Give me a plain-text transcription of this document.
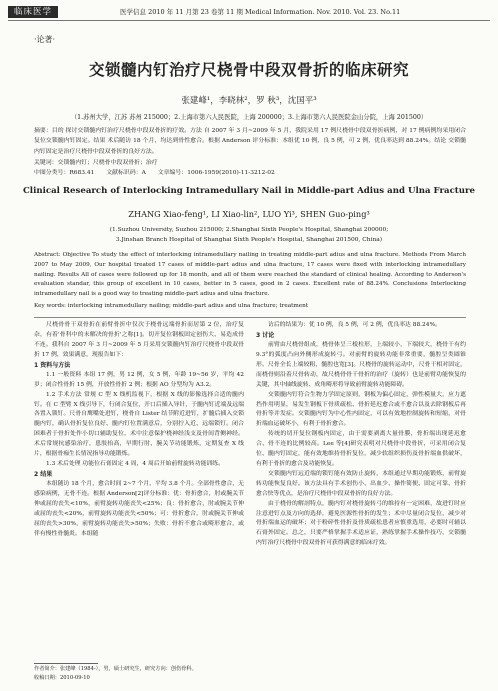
临床医学	医学信息 2010 年 11 月第 23 卷第 11 期 Medical Information. Nov. 2010. Vol. 23. No.11
·论著·
交锁髓内钉治疗尺桡骨中段双骨折的临床研究
张建峰¹，李晓林²，罗 秋³，沈国平³
（1.苏州大学，江苏 苏州 215000；2.上海市第六人民医院，上海 200000；3.上海市第六人民医院金山分院，上海 201500）
摘要：目的 探讨交锁髓内钉治疗尺桡骨中段双骨折的疗效。方法 自 2007 年 3 月~2009 年 5 月，我院采用 17 例尺桡骨中段双骨折病例，对 17 例病例均采用闭合复位交锁髓内钉固定。结果 术后随访 18 个月，均达到骨性愈合。根据 Anderson 评分标准：本组优 10 例，良 5 例，可 2 例，优良率达到 88.24%。结论 交锁髓内钉固定是治疗尺桡骨中段双骨折的良好方法。
关键词：交锁髓内钉；尺桡骨中段双骨折；治疗
中图分类号：R683.41 文献标识码：A 文章编号：1006-1959(2010)-11-3212-02
Clinical Research of Interlocking Intramedullary Nail in Middle-part Adius and Ulna Fracture
ZHANG Xiao-feng¹, LI Xiao-lin², LUO Yi³, SHEN Guo-ping³
(1.Suzhou University, Suzhou 215000; 2.Shanghai Sixth People's Hospital, Shanghai 200000;
3.Jinshan Branch Hospital of Shanghai Sixth People's Hospital, Shanghai 201500, China)
Abstract: Objective To study the effect of interlocking intramedullary nailing in treating middle-part adius and ulna fracture. Methods From March 2007 to May 2009, Our hospital treated 17 cases of middle-part adius and ulna fracture, 17 cases were fixed with interlocking intramedullary nailing. Results All of cases were followed up for 18 month, and all of them were reached the standard of clinical healing. According to Anderson's evaluation standar, this group of excellent in 10 cases, better in 5 cases, good in 2 cases. Excellent rate of 88.24%. Conclusions Interlocking intramedullary nail is a good way to treating middle-part adius and ulna fracture.
Key words: interlocking intramedullary nailing; middle-part adius and ulna fracture; treatment

尺桡骨骨干双骨折在前臂骨折中仅次于桡骨远端骨折而居第 2 位，治疗复杂，有着'骨科中的未解决的骨折'之称[1]。切开复位钢板固定创伤大、易造成骨不连。我科自 2007 年 3 月~2009 年 5 月采用交锁髓内钉治疗尺桡骨中段双骨折 17 例，效果满意，现报告如下：

1 资料与方法

1.1 一般资料 本组 17 例，男 12 例，女 5 例，年龄 19~56 岁，平均 42 岁；闭合性骨折 15 例，开放性骨折 2 例；根据 AO 分型均为 A3.2。

1.2 手术方法 常规 C 型 X 线机监视下，根据 X 线的影像选择合适的髓内钉。在 C 型臂 X 线引导下，行闭合复位，开口后插入导针，于髓内钉近端及远端各置入锁钉。尺骨自鹰嘴处进钉，桡骨自 Lister 结节附近进钉，扩髓后插入交锁髓内钉，确认骨折复位良好、髓内钉位置满意后，分别拧入近、远端锁钉。闭合困难者于骨折处作小切口辅助复位，术中注意保护桡神经浅支及骨间背侧神经。术后常规抗感染治疗，患肢抬高，早期行肘、腕关节功能锻炼，定期复查 X 线片，根据骨痂生长情况指导功能锻炼。

1.3 术后处理 功能位石膏固定 4 周，4 周后开始前臂旋转功能训练。

2 结果

本组随访 18 个月，愈合时间 2~7 个月，平均 3.8 个月。全部骨性愈合，无感染病例，无骨不连。根据 Anderson[2]评分标准：优：骨折愈合，肘或腕关节伸或屈的丧失<10%，前臂旋转功能丧失<25%；良：骨折愈合，肘或腕关节伸或屈的丧失<20%，前臂旋转功能丧失<50%；可：骨折愈合，肘或腕关节伸或屈的丧失>30%，前臂旋转功能丧失>50%；失败：骨折不愈合或畸形愈合，或伴有慢性骨髓炎。本组随

访后的结果为：优 10 例，良 5 例，可 2 例，优良率达 88.24%。

3 讨论

前臂由尺桡骨组成，桡骨体呈三棱柱形，上端较小，下端较大，桡骨干有约 9.3°的弧度凸向外侧形成旋转弓。对前臂的旋转功能非常重要，髓腔呈类圆锥形。尺骨全长上端较粗，髓腔也宽[3]。尺桡骨的旋转运动中，尺骨干相对固定，而桡骨则沿着尺骨转动，故尺桡骨骨干骨折的治疗（旋转）也是前臂功能恢复的关键，其中轴线旋转、成角畸形将导致前臂旋转功能障碍。

交锁髓内钉符合生物力学固定原则，钢板为偏心固定，弹性模量大，应力遮挡作用明显，易发生钢板下骨质疏松、骨折延迟愈合或不愈合以及去除钢板后再骨折等并发症。交锁髓内钉为中心性内固定，可以有效地控制旋转和短缩，对骨折端血运破坏小，有利于骨折愈合。

传统的切开复位钢板内固定，由于需要剥离大量骨膜，骨折端出现延迟愈合、骨不连的比例较高。Lee 等[4]研究表明对尺桡骨中段骨折，可采用闭合复位、髓内钉固定，能有效地维持骨折复位，减少软组织损伤及骨折端血供破坏，有利于骨折的愈合及功能恢复。

交锁髓内钉远近端的锁钉能有效防止旋转，本组通过早期功能锻炼，前臂旋转功能恢复良好。该方法具有手术创伤小、出血少、操作简便、固定可靠、骨折愈合快等优点，是治疗尺桡骨中段双骨折的良好方法。

由于桡骨的解剖特点，髓内钉对桡骨旋转弓的维持有一定困难，故进钉时应注意进钉点及方向的选择，避免医源性骨折的发生；术中尽量闭合复位，减少对骨折端血运的破坏；对于粉碎性骨折及骨质疏松患者应慎重选用，必要时可辅以石膏外固定。总之，只要严格掌握手术适应证，熟练掌握手术操作技巧，交锁髓内钉治疗尺桡骨中段双骨折可获得满意的临床疗效。

作者简介：张建峰（1984-），男，硕士研究生，研究方向：创伤骨科。
收稿日期：2010-09-10
